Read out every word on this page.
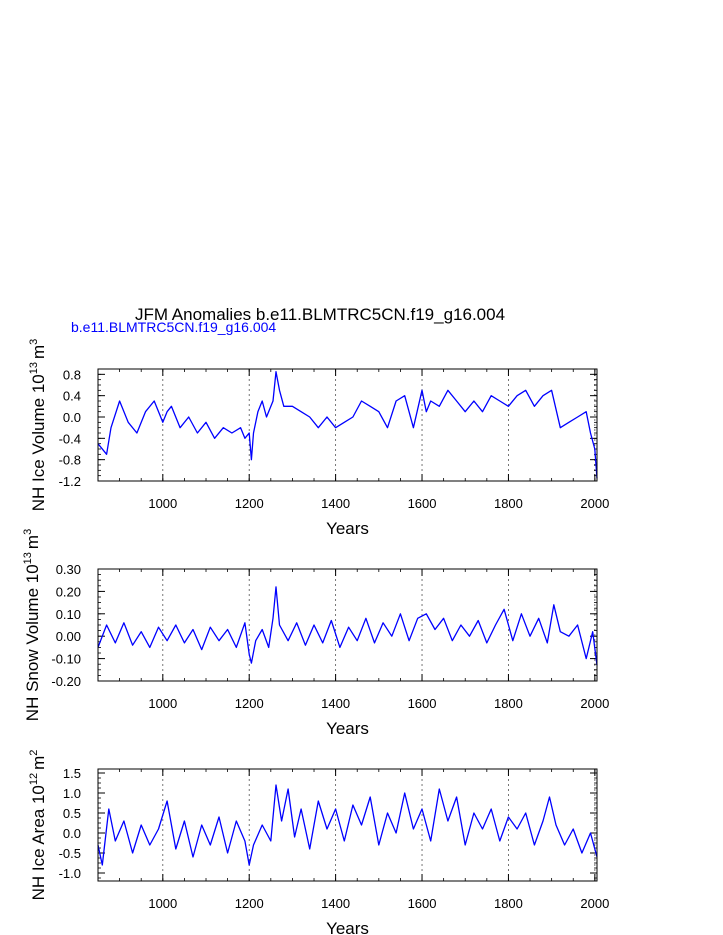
JFM Anomalies b.e11.BLMTRC5CN.f19_g16.004
b.e11.BLMTRC5CN.f19_g16.004
1000	1200	1400	1600	1800	2000
-1.2
-0.8
-0.4
0.0
0.4
0.8
Years
NH Ice Volume $10^{13}m^3$
1000	1200	1400	1600	1800	2000
-0.20
-0.10
0.00
0.10
0.20
0.30
Years
NH Snow Volume $10^{13}m^3$
1000	1200	1400	1600	1800	2000
-1.0
-0.5
0.0
0.5
1.0
1.5
Years
NH Ice Area $10^{12}m^2$
